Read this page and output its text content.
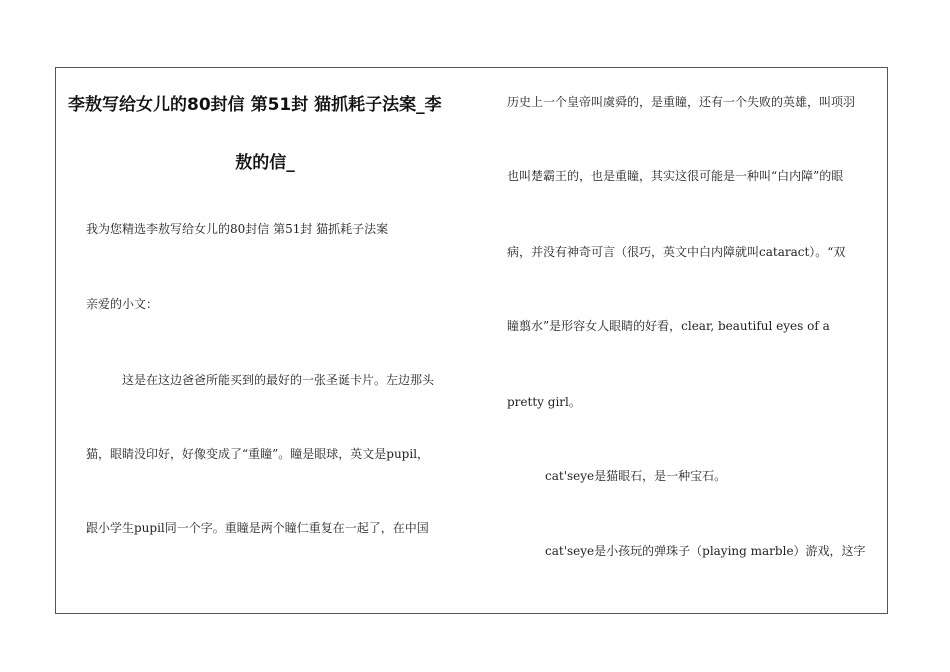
李敖写给女儿的80封信 第51封 猫抓耗子法案_李
敖的信_
我为您精选李敖写给女儿的80封信 第51封 猫抓耗子法案
亲爱的小文：
这是在这边爸爸所能买到的最好的一张圣诞卡片。左边那头
猫，眼睛没印好，好像变成了“重瞳”。瞳是眼球，英文是pupil，
跟小学生pupil同一个字。重瞳是两个瞳仁重复在一起了，在中国
历史上一个皇帝叫虞舜的，是重瞳，还有一个失败的英雄，叫项羽
也叫楚霸王的，也是重瞳，其实这很可能是一种叫“白内障”的眼
病，并没有神奇可言（很巧，英文中白内障就叫cataract）。“双
瞳翦水”是形容女人眼睛的好看，clear, beautiful eyes of a
pretty girl。
cat'seye是猫眼石，是一种宝石。
cat'seye是小孩玩的弹珠子（playing marble）游戏，这字
